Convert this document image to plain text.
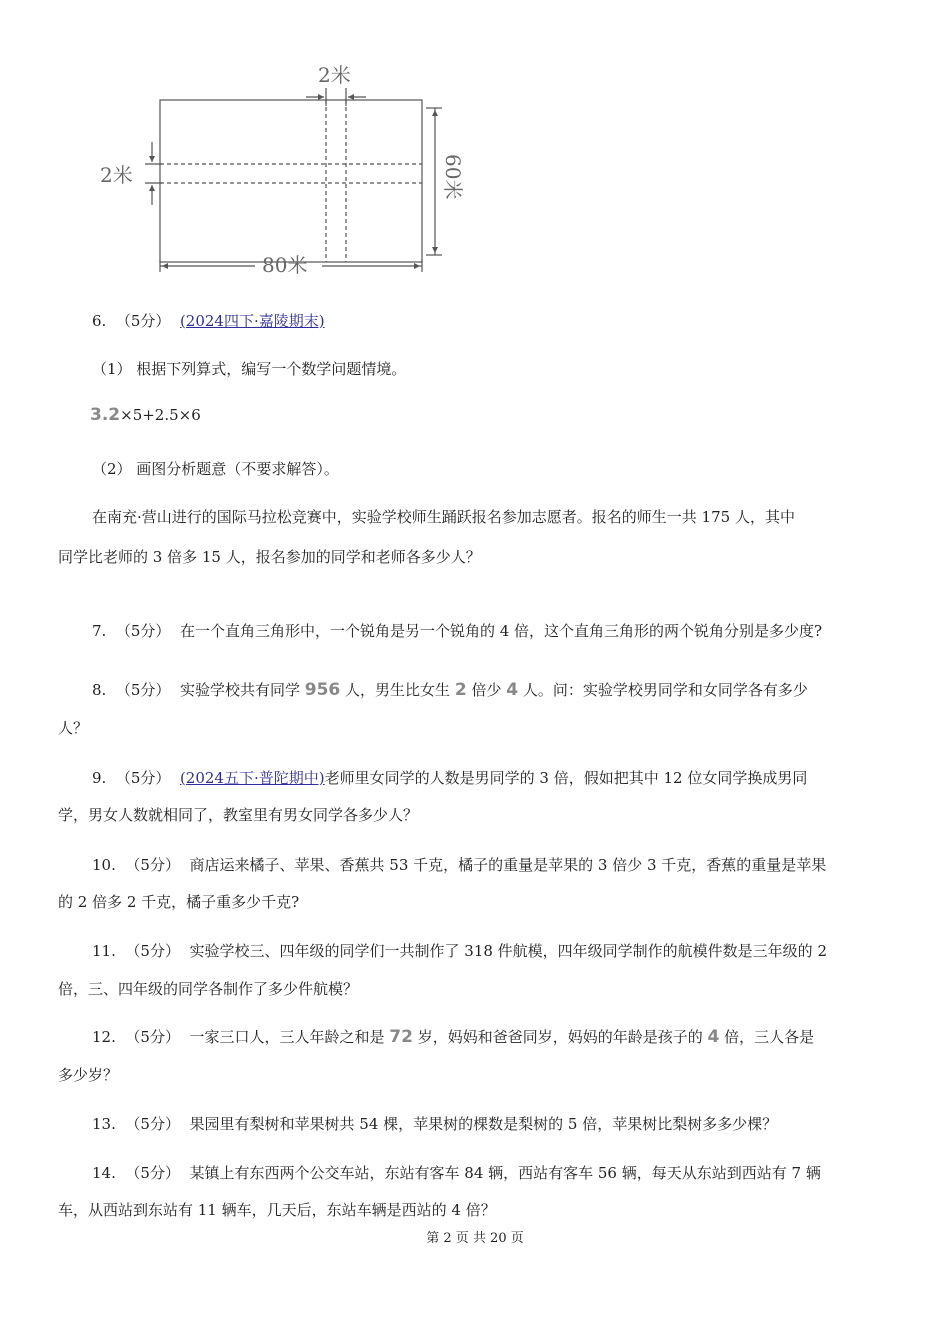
2米
2米	60米
80米
6. （5分） (2024四下·嘉陵期末)
（1） 根据下列算式，编写一个数学问题情境。
3.2×5+2.5×6
（2） 画图分析题意（不要求解答）。
在南充·营山进行的国际马拉松竞赛中，实验学校师生踊跃报名参加志愿者。报名的师生一共 175 人，其中
同学比老师的 3 倍多 15 人，报名参加的同学和老师各多少人？
7. （5分） 在一个直角三角形中，一个锐角是另一个锐角的 4 倍，这个直角三角形的两个锐角分别是多少度?
8. （5分） 实验学校共有同学 956 人，男生比女生 2 倍少 4 人。问：实验学校男同学和女同学各有多少
人？
9. （5分） (2024五下·普陀期中)老师里女同学的人数是男同学的 3 倍，假如把其中 12 位女同学换成男同
学，男女人数就相同了，教室里有男女同学各多少人？
10. （5分） 商店运来橘子、苹果、香蕉共 53 千克，橘子的重量是苹果的 3 倍少 3 千克，香蕉的重量是苹果
的 2 倍多 2 千克，橘子重多少千克?
11. （5分） 实验学校三、四年级的同学们一共制作了 318 件航模，四年级同学制作的航模件数是三年级的 2
倍，三、四年级的同学各制作了多少件航模？
12. （5分） 一家三口人，三人年龄之和是 72 岁，妈妈和爸爸同岁，妈妈的年龄是孩子的 4 倍，三人各是
多少岁？
13. （5分） 果园里有梨树和苹果树共 54 棵，苹果树的棵数是梨树的 5 倍，苹果树比梨树多多少棵？
14. （5分） 某镇上有东西两个公交车站，东站有客车 84 辆，西站有客车 56 辆，每天从东站到西站有 7 辆
车，从西站到东站有 11 辆车，几天后，东站车辆是西站的 4 倍？
第 2 页 共 20 页
